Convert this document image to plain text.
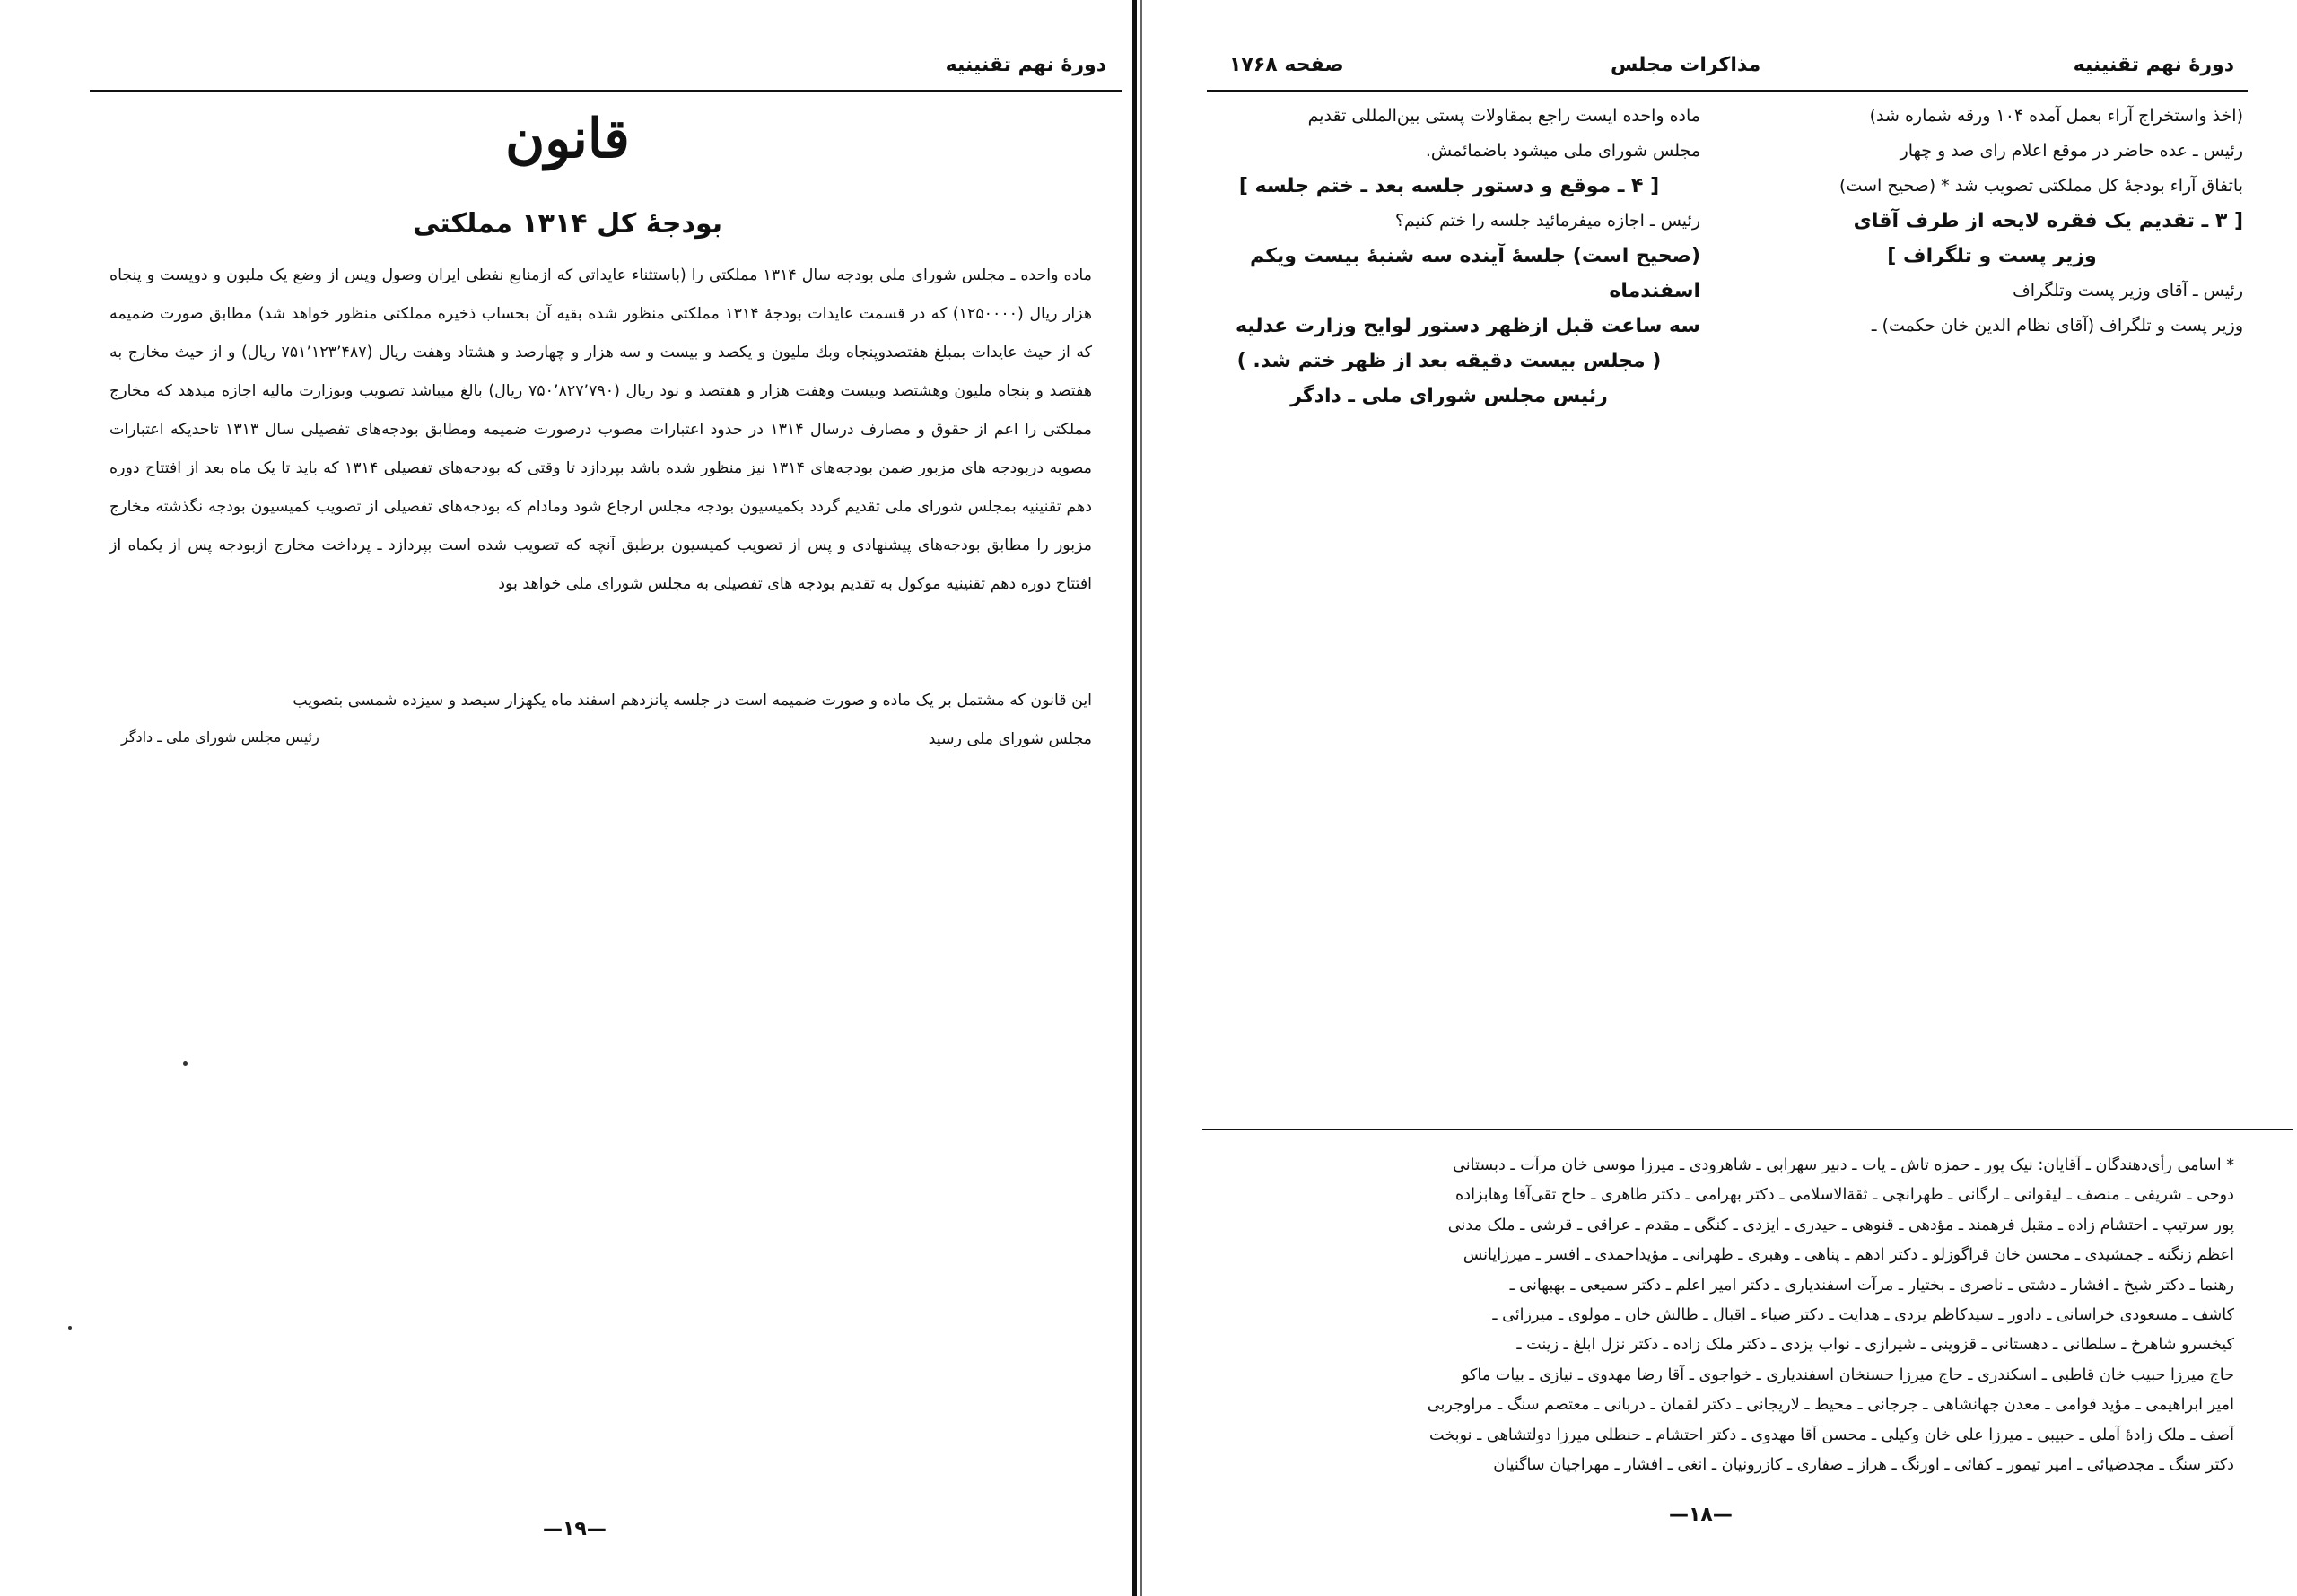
دورۀ نهم تقنینیه
قانون
بودجۀ کل ۱۳۱۴ مملکتی

ماده واحده ـ مجلس شورای ملی بودجه سال ۱۳۱۴ مملکتی را (باستثناء عایداتی که ازمنابع نفطی ایران وصول وپس از وضع یک ملیون و دویست و پنجاه هزار ریال (۱۲۵۰۰۰۰) که در قسمت عایدات بودجۀ ۱۳۱۴ مملکتی منظور شده بقیه آن بحساب ذخیره مملکتی منظور خواهد شد) مطابق صورت ضمیمه که از حیث عایدات بمبلغ هفتصدوپنجاه وبك ملیون و یکصد و بیست و سه هزار و چهارصد و هشتاد وهفت ریال (۷۵۱٬۱۲۳٬۴۸۷ ریال) و از حیث مخارج به هفتصد و پنجاه ملیون وهشتصد وبیست وهفت هزار و هفتصد و نود ریال (۷۵۰٬۸۲۷٬۷۹۰ ریال) بالغ میباشد تصویب وبوزارت مالیه اجازه میدهد که مخارج مملکتی را اعم از حقوق و مصارف درسال ۱۳۱۴ در حدود اعتبارات مصوب درصورت ضمیمه ومطابق بودجه‌های تفصیلی سال ۱۳۱۳ تاحدیکه اعتبارات مصوبه دربودجه های مزبور ضمن بودجه‌های ۱۳۱۴ نیز منظور شده باشد بپردازد تا وقتی که بودجه‌های تفصیلی ۱۳۱۴ که باید تا یک ماه بعد از افتتاح دوره دهم تقنینیه بمجلس شورای ملی تقدیم گردد بکمیسیون بودجه مجلس ارجاع شود ومادام که بودجه‌های تفصیلی از تصویب کمیسیون بودجه نگذشته مخارج مزبور را مطابق بودجه‌های پیشنهادی و پس از تصویب کمیسیون برطبق آنچه که تصویب شده است بپردازد ـ پرداخت مخارج ازبودجه پس از یکماه از افتتاح دوره دهم تقنینیه موکول به تقدیم بودجه های تفصیلی به مجلس شورای ملی خواهد بود

این قانون که مشتمل بر یک ماده و صورت ضمیمه است در جلسه پانزدهم اسفند ماه یکهزار سیصد و سیزده شمسی بتصویب
مجلس شورای ملی رسید
رئیس مجلس شورای ملی ـ دادگر
—۱۹—
دورۀ نهم تقنینیه
مذاکرات مجلس
صفحه ۱۷۶۸

(اخذ واستخراج آراء بعمل آمده ۱۰۴ ورقه شماره شد)

رئیس ـ عده حاضر در موقع اعلام رای صد و چهار

باتفاق آراء بودجۀ کل مملکتی تصویب شد * (صحیح است)

[ ۳ ـ تقدیم یک فقره لایحه از طرف آقای

وزیر پست و تلگراف ]

رئیس ـ آقای وزیر پست وتلگراف

وزیر پست و تلگراف (آقای نظام الدین خان حکمت) ـ

ماده واحده ایست راجع بمقاولات پستی بین‌المللی تقدیم

مجلس شورای ملی میشود باضمائمش.

[ ۴ ـ موقع و دستور جلسه بعد ـ ختم جلسه ]

رئیس ـ اجازه میفرمائید جلسه را ختم کنیم؟

(صحیح است) جلسۀ آینده سه شنبۀ بیست ویکم اسفندماه

سه ساعت قبل ازظهر دستور لوایح وزارت عدلیه

( مجلس بیست دقیقه بعد از ظهر ختم شد. )

رئیس مجلس شورای ملی ـ دادگر

* اسامی رأی‌دهندگان ـ آقایان: نیک پور ـ حمزه تاش ـ یات ـ دبیر سهرابی ـ شاهرودی ـ میرزا موسی خان مرآت ـ دبستانی

دوحی ـ شریفی ـ منصف ـ لیقوانی ـ ارگانی ـ طهرانچی ـ ثقة‌الاسلامی ـ دکتر بهرامی ـ دکتر طاهری ـ حاج تقی‌آقا وهابزاده

پور سرتیپ ـ احتشام زاده ـ مقبل فرهمند ـ مؤدهی ـ قنوهی ـ حیدری ـ ایزدی ـ کنگی ـ مقدم ـ عراقی ـ قرشی ـ ملک مدنی

اعظم زنگنه ـ جمشیدی ـ محسن خان قراگوزلو ـ دکتر ادهم ـ پناهی ـ وهبری ـ طهرانی ـ مؤیداحمدی ـ افسر ـ میرزایانس

رهنما ـ دکتر شیخ ـ افشار ـ دشتی ـ ناصری ـ بختیار ـ مرآت اسفندیاری ـ دکتر امیر اعلم ـ دکتر سمیعی ـ بهبهانی ـ

کاشف ـ مسعودی خراسانی ـ دادور ـ سیدکاظم یزدی ـ هدایت ـ دکتر ضیاء ـ اقبال ـ طالش خان ـ مولوی ـ میرزائی ـ

کیخسرو شاهرخ ـ سلطانی ـ دهستانی ـ قزوینی ـ شیرازی ـ نواب یزدی ـ دکتر ملک زاده ـ دکتر نزل ابلغ ـ زینت ـ

حاج میرزا حبیب خان قاطبی ـ اسکندری ـ حاج میرزا حسنخان اسفندیاری ـ خواجوی ـ آقا رضا مهدوی ـ نیازی ـ بیات ماکو

امیر ابراهیمی ـ مؤید قوامی ـ معدن جهانشاهی ـ جرجانی ـ محیط ـ لاریجانی ـ دکتر لقمان ـ دربانی ـ معتصم سنگ ـ مراوجربی

آصف ـ ملک زادۀ آملی ـ حبیبی ـ میرزا علی خان وکیلی ـ محسن آقا مهدوی ـ دکتر احتشام ـ حنطلی میرزا دولتشاهی ـ نوبخت

دکتر سنگ ـ مجدضیائی ـ امیر تیمور ـ کفائی ـ اورنگ ـ هراز ـ صفاری ـ کازرونیان ـ انغی ـ افشار ـ مهراجیان ساگنیان

—۱۸—
